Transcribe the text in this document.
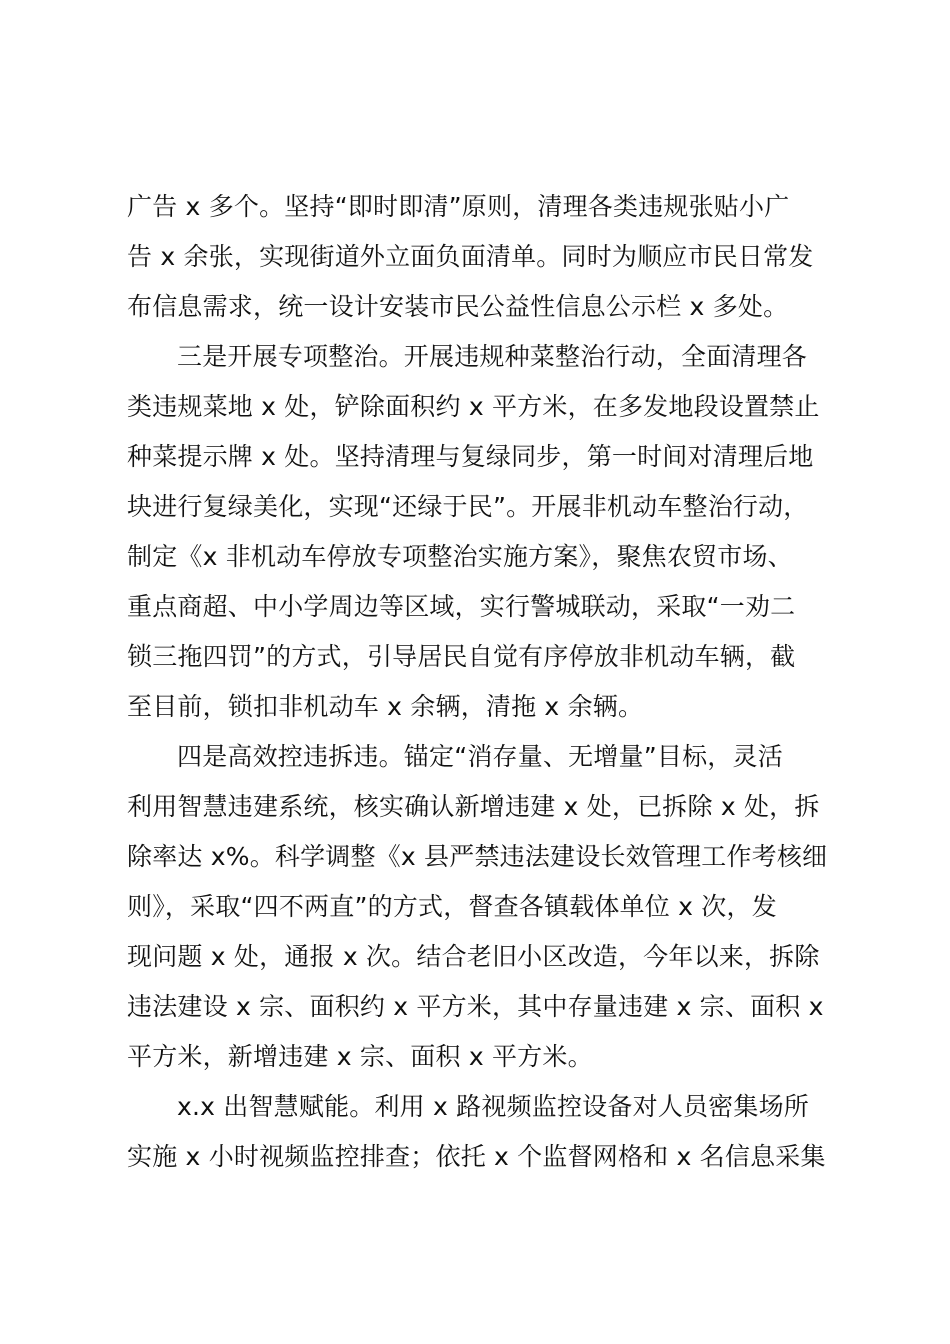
广告 x 多个。坚持“即时即清”原则，清理各类违规张贴小广
告 x 余张，实现街道外立面负面清单。同时为顺应市民日常发
布信息需求，统一设计安装市民公益性信息公示栏 x 多处。
三是开展专项整治。开展违规种菜整治行动，全面清理各
类违规菜地 x 处，铲除面积约 x 平方米，在多发地段设置禁止
种菜提示牌 x 处。坚持清理与复绿同步，第一时间对清理后地
块进行复绿美化，实现“还绿于民”。开展非机动车整治行动，
制定《x 非机动车停放专项整治实施方案》，聚焦农贸市场、
重点商超、中小学周边等区域，实行警城联动，采取“一劝二
锁三拖四罚”的方式，引导居民自觉有序停放非机动车辆，截
至目前，锁扣非机动车 x 余辆，清拖 x 余辆。
四是高效控违拆违。锚定“消存量、无增量”目标，灵活
利用智慧违建系统，核实确认新增违建 x 处，已拆除 x 处，拆
除率达 x%。科学调整《x 县严禁违法建设长效管理工作考核细
则》，采取“四不两直”的方式，督查各镇载体单位 x 次，发
现问题 x 处，通报 x 次。结合老旧小区改造，今年以来，拆除
违法建设 x 宗、面积约 x 平方米，其中存量违建 x 宗、面积 x
平方米，新增违建 x 宗、面积 x 平方米。
x.x 出智慧赋能。利用 x 路视频监控设备对人员密集场所
实施 x 小时视频监控排查；依托 x 个监督网格和 x 名信息采集
